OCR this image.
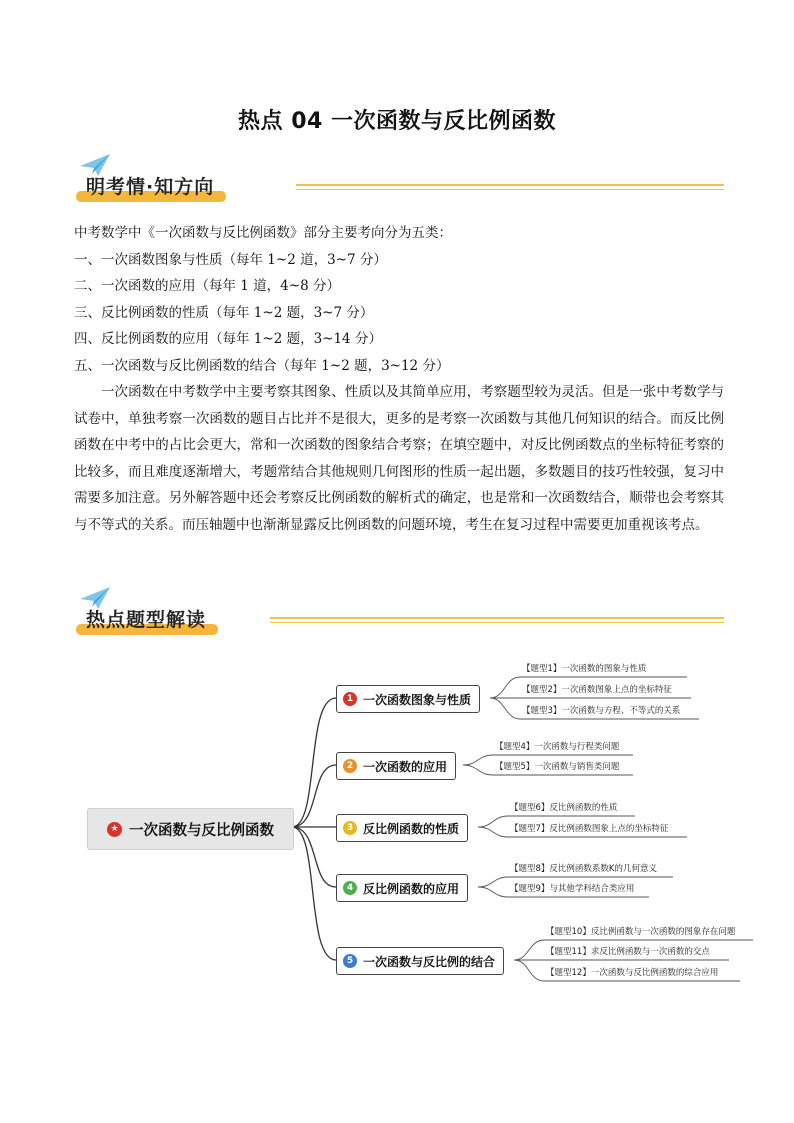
热点 04 一次函数与反比例函数
明考情·知方向

中考数学中《一次函数与反比例函数》部分主要考向分为五类：

一、一次函数图象与性质（每年 1~2 道，3~7 分）

二、一次函数的应用（每年 1 道，4~8 分）

三、反比例函数的性质（每年 1~2 题，3~7 分）

四、反比例函数的应用（每年 1~2 题，3~14 分）

五、一次函数与反比例函数的结合（每年 1~2 题，3~12 分）

一次函数在中考数学中主要考察其图象、性质以及其简单应用，考察题型较为灵活。但是一张中考数学与试卷中，单独考察一次函数的题目占比并不是很大，更多的是考察一次函数与其他几何知识的结合。而反比例函数在中考中的占比会更大，常和一次函数的图象结合考察；在填空题中，对反比例函数点的坐标特征考察的比较多，而且难度逐渐增大，考题常结合其他规则几何图形的性质一起出题，多数题目的技巧性较强，复习中需要多加注意。另外解答题中还会考察反比例函数的解析式的确定，也是常和一次函数结合，顺带也会考察其与不等式的关系。而压轴题中也渐渐显露反比例函数的问题环境，考生在复习过程中需要更加重视该考点。

热点题型解读
★ 一次函数与反比例函数
1 一次函数图象与性质
【题型1】一次函数的图象与性质
【题型2】一次函数图象上点的坐标特征
【题型3】一次函数与方程、不等式的关系
2 一次函数的应用
【题型4】一次函数与行程类问题
【题型5】一次函数与销售类问题
3 反比例函数的性质
【题型6】反比例函数的性质
【题型7】反比例函数图象上点的坐标特征
4 反比例函数的应用
【题型8】反比例函数系数K的几何意义
【题型9】与其他学科结合类应用
5 一次函数与反比例的结合
【题型10】反比例函数与一次函数的图象存在问题
【题型11】求反比例函数与一次函数的交点
【题型12】一次函数与反比例函数的综合应用
